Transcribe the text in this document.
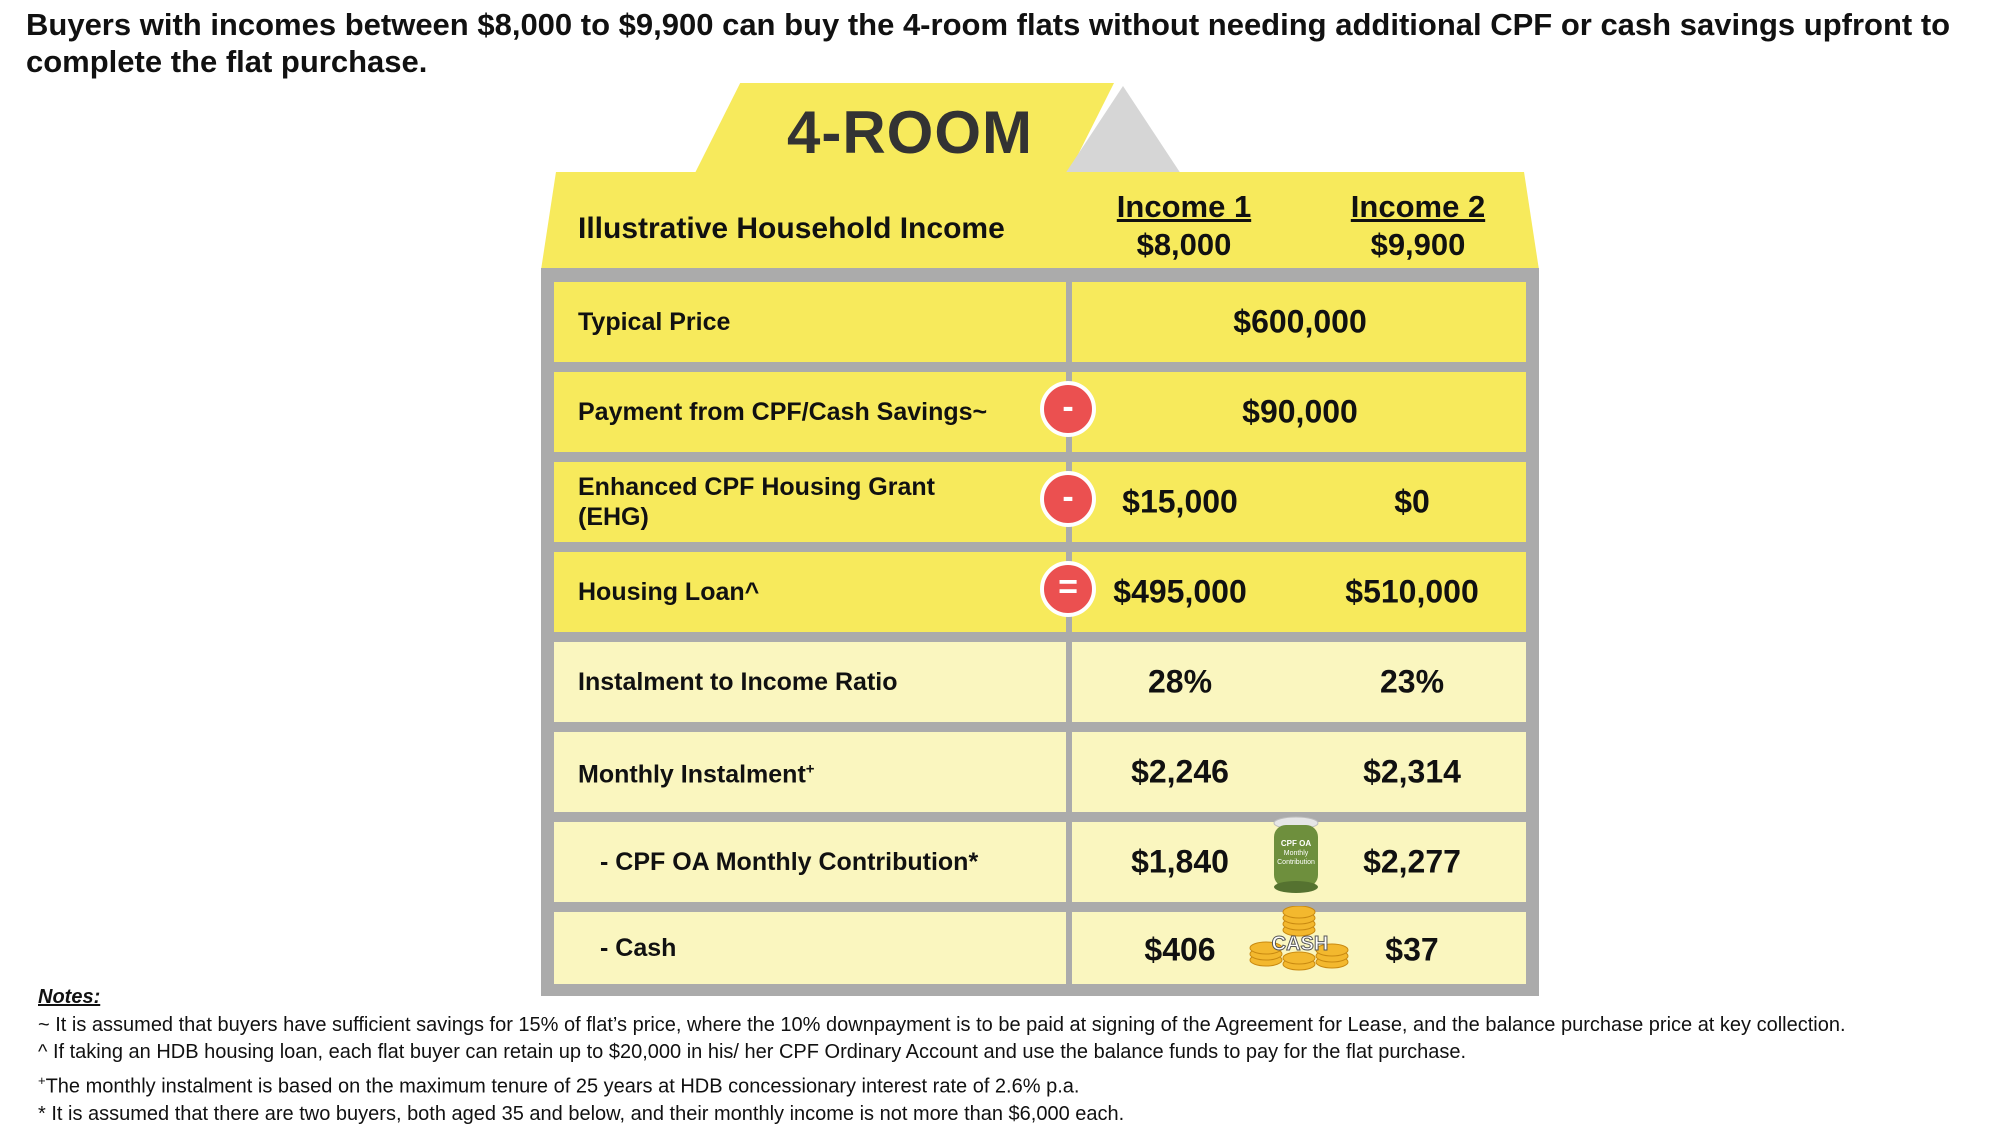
Buyers with incomes between $8,000 to $9,900 can buy the 4-room flats without needing additional CPF or cash savings upfront to complete the flat purchase.
4-ROOM
Illustrative Household Income
Income 1
$8,000
Income 2
$9,900
Typical Price	$600,000
Payment from CPF/Cash Savings~	$90,000
Enhanced CPF Housing Grant
(EHG)	$15,000	$0
Housing Loan^	$495,000	$510,000
Instalment to Income Ratio	28%	23%
Monthly Instalment+	$2,246	$2,314
- CPF OA Monthly Contribution*	$1,840	$2,277
- Cash	$406	$37
-
-
=
CPF OA
Monthly
Contribution
CASH
Notes:
~ It is assumed that buyers have sufficient savings for 15% of flat’s price, where the 10% downpayment is to be paid at signing of the Agreement for Lease, and the balance purchase price at key collection.
^ If taking an HDB housing loan, each flat buyer can retain up to $20,000 in his/ her CPF Ordinary Account and use the balance funds to pay for the flat purchase.
+The monthly instalment is based on the maximum tenure of 25 years at HDB concessionary interest rate of 2.6% p.a.
* It is assumed that there are two buyers, both aged 35 and below, and their monthly income is not more than $6,000 each.
